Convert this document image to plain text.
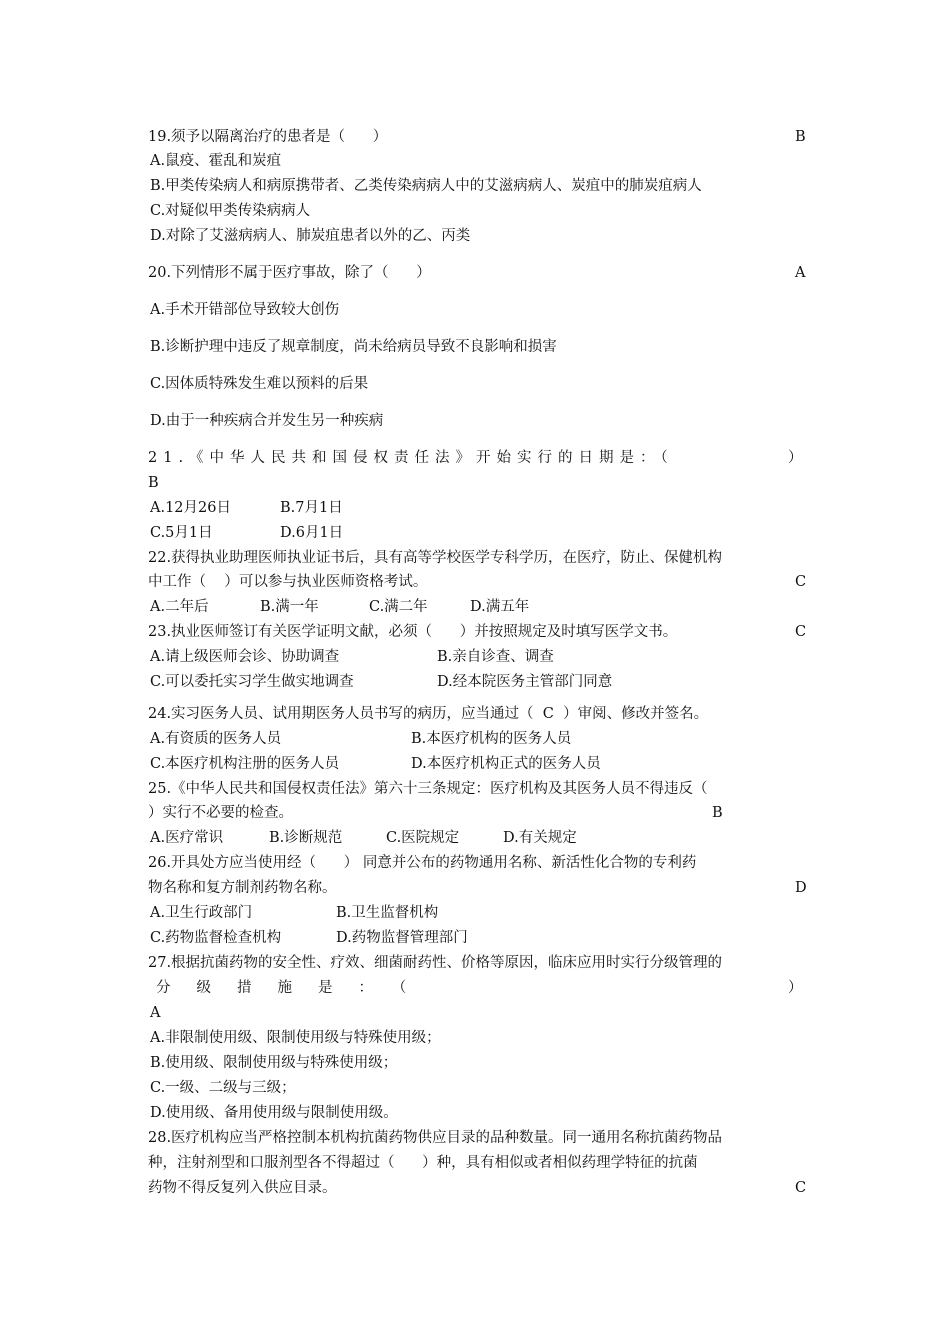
19.须予以隔离治疗的患者是（      ）	B
A.鼠疫、霍乱和炭疽
B.甲类传染病人和病原携带者、乙类传染病病人中的艾滋病病人、炭疽中的肺炭疽病人
C.对疑似甲类传染病病人
D.对除了艾滋病病人、肺炭疽患者以外的乙、丙类
20.下列情形不属于医疗事故，除了（      ）	A
A.手术开错部位导致较大创伤
B.诊断护理中违反了规章制度，尚未给病员导致不良影响和损害
C.因体质特殊发生难以预料的后果
D.由于一种疾病合并发生另一种疾病
21.《中华人民共和国侵权责任法》开始实行的日期是：（	）
B
A.12月26日	B.7月1日
C.5月1日	D.6月1日
22.获得执业助理医师执业证书后，具有高等学校医学专科学历，在医疗，防止、保健机构
中工作（    ）可以参与执业医师资格考试。	C
A.二年后	B.满一年	C.满二年	D.满五年
23.执业医师签订有关医学证明文献，必须（      ）并按照规定及时填写医学文书。	C
A.请上级医师会诊、协助调查	B.亲自诊查、调查
C.可以委托实习学生做实地调查	D.经本院医务主管部门同意
24.实习医务人员、试用期医务人员书写的病历，应当通过（  C  ）审阅、修改并签名。
A.有资质的医务人员	B.本医疗机构的医务人员
C.本医疗机构注册的医务人员	D.本医疗机构正式的医务人员
25.《中华人民共和国侵权责任法》第六十三条规定：医疗机构及其医务人员不得违反（
）实行不必要的检查。	B
A.医疗常识	B.诊断规范	C.医院规定	D.有关规定
26.开具处方应当使用经（      ） 同意并公布的药物通用名称、新活性化合物的专利药
物名称和复方制剂药物名称。	D
A.卫生行政部门	B.卫生监督机构
C.药物监督检查机构	D.药物监督管理部门
27.根据抗菌药物的安全性、疗效、细菌耐药性、价格等原因，临床应用时实行分级管理的
分级措施是：（	）
A
A.非限制使用级、限制使用级与特殊使用级；
B.使用级、限制使用级与特殊使用级；
C.一级、二级与三级；
D.使用级、备用使用级与限制使用级。
28.医疗机构应当严格控制本机构抗菌药物供应目录的品种数量。同一通用名称抗菌药物品
种，注射剂型和口服剂型各不得超过（      ）种，具有相似或者相似药理学特征的抗菌
药物不得反复列入供应目录。	C
